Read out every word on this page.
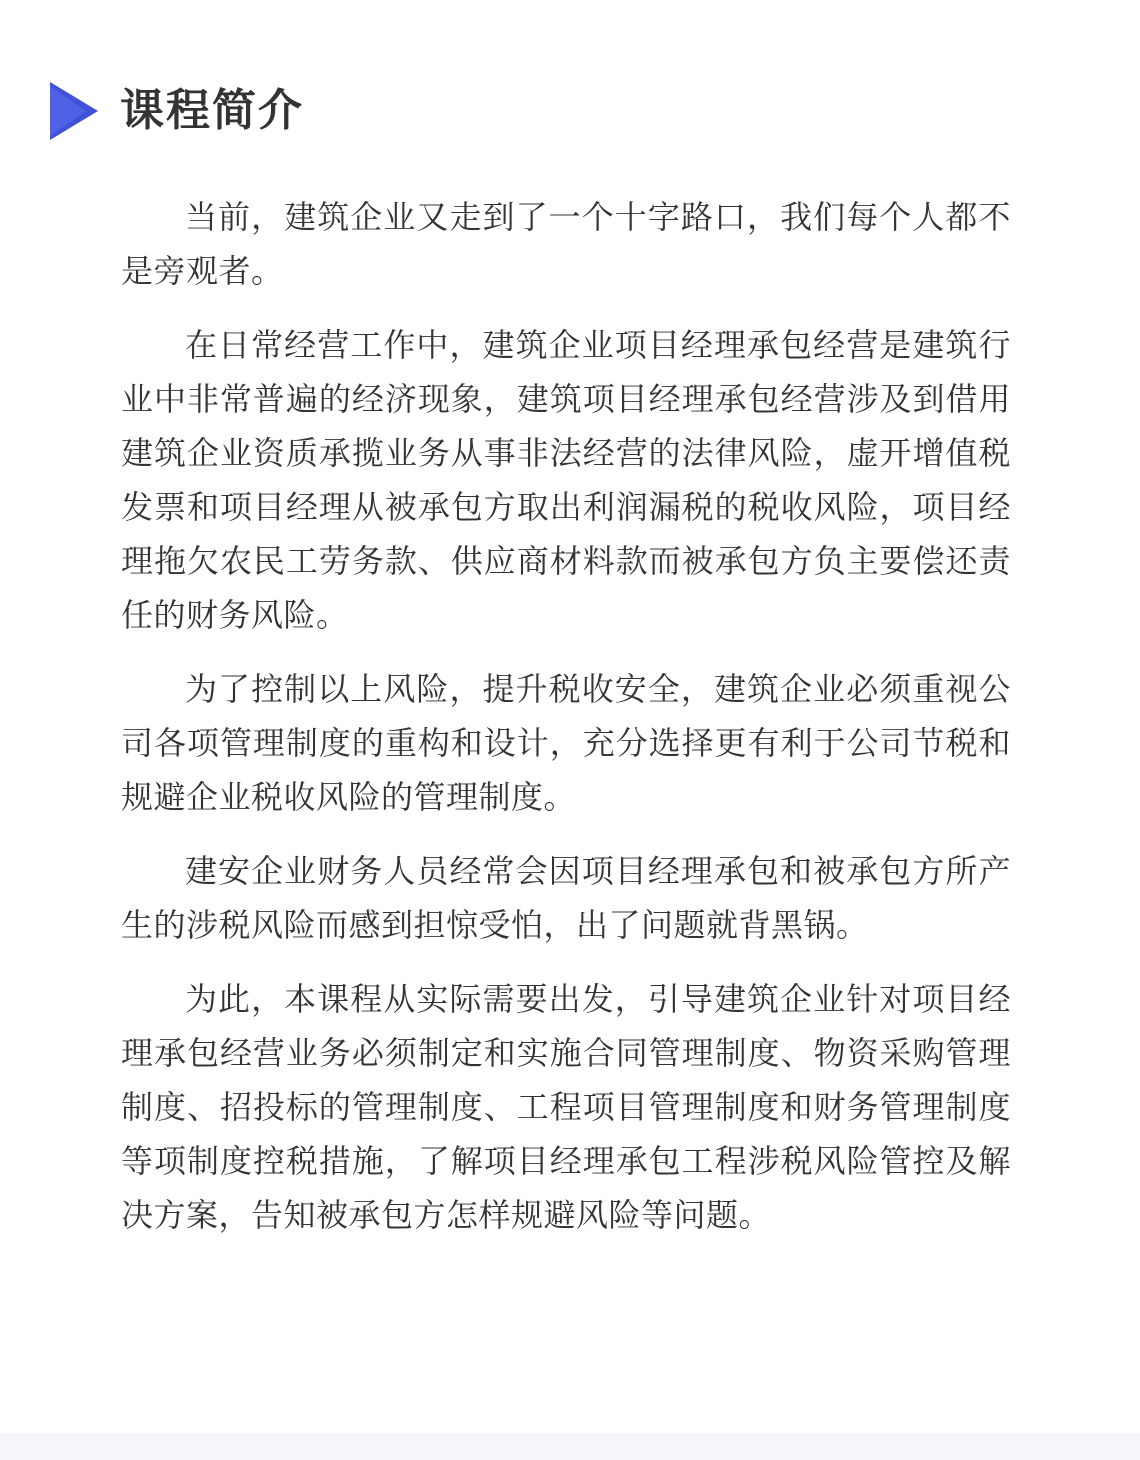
课程简介

当前，建筑企业又走到了一个十字路口，我们每个人都不是旁观者。

在日常经营工作中，建筑企业项目经理承包经营是建筑行业中非常普遍的经济现象，建筑项目经理承包经营涉及到借用建筑企业资质承揽业务从事非法经营的法律风险，虚开增值税发票和项目经理从被承包方取出利润漏税的税收风险，项目经理拖欠农民工劳务款、供应商材料款而被承包方负主要偿还责任的财务风险。

为了控制以上风险，提升税收安全，建筑企业必须重视公司各项管理制度的重构和设计，充分选择更有利于公司节税和规避企业税收风险的管理制度。

建安企业财务人员经常会因项目经理承包和被承包方所产生的涉税风险而感到担惊受怕，出了问题就背黑锅。

为此，本课程从实际需要出发，引导建筑企业针对项目经理承包经营业务必须制定和实施合同管理制度、物资采购管理制度、招投标的管理制度、工程项目管理制度和财务管理制度等项制度控税措施，了解项目经理承包工程涉税风险管控及解决方案，告知被承包方怎样规避风险等问题。
